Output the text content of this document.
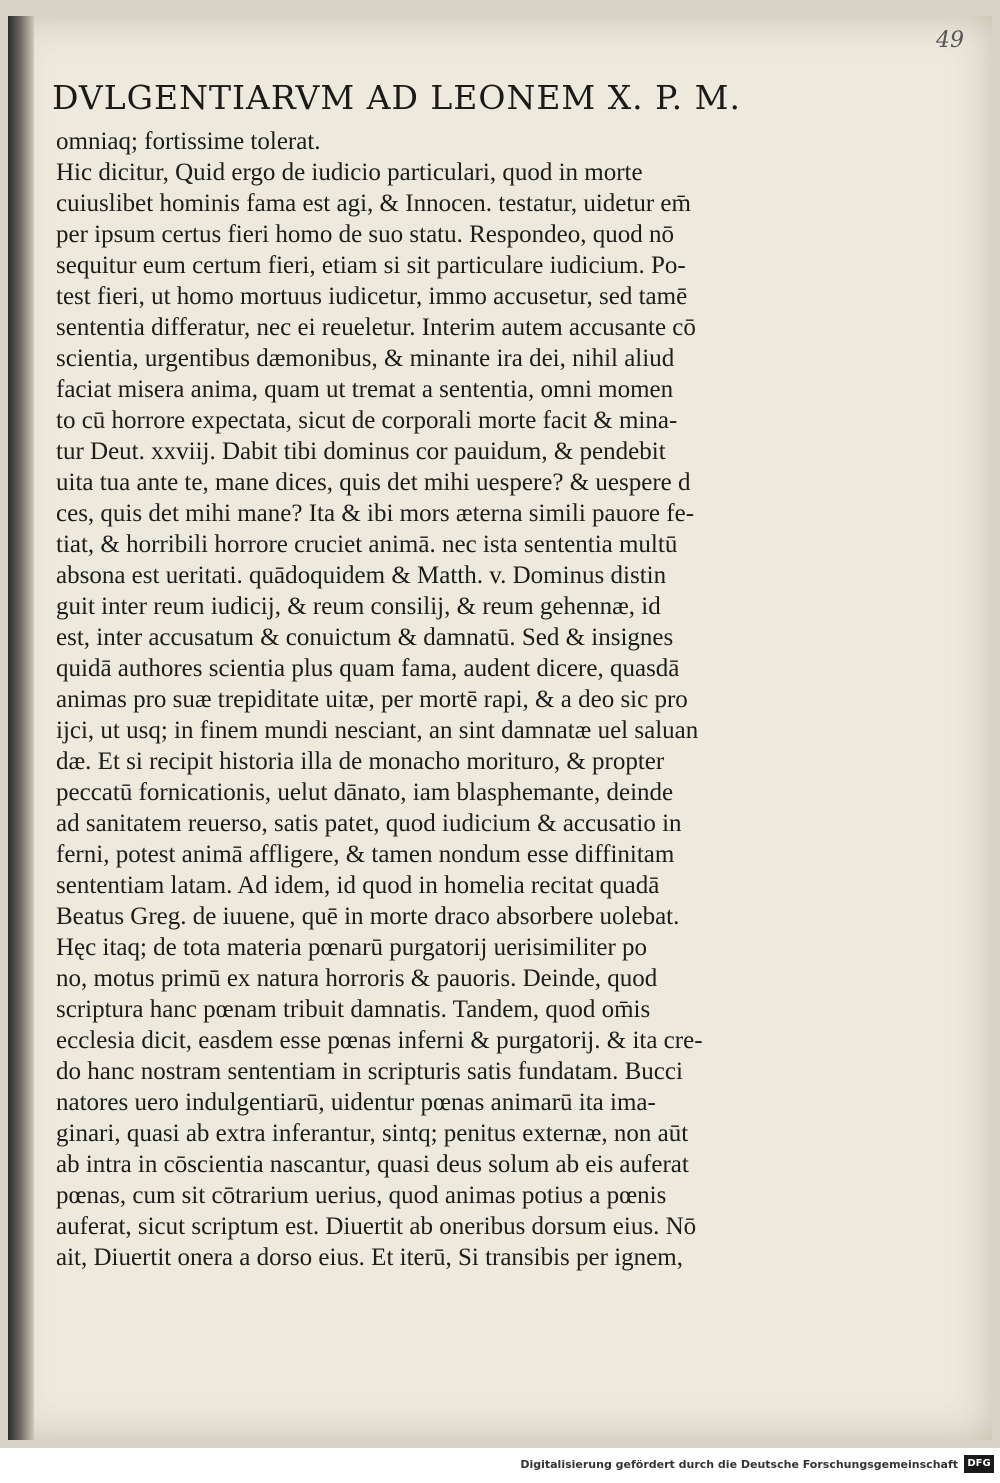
49
DVLGENTIARVM AD LEONEM X. P. M.
omniaq; fortissime tolerat.
Hic dicitur, Quid ergo de iudicio particulari, quod in morte
cuiuslibet hominis fama est agi, & Innocen. testatur, uidetur em̄
per ipsum certus fieri homo de suo statu. Respondeo, quod nō
sequitur eum certum fieri, etiam si sit particulare iudicium. Po-
test fieri, ut homo mortuus iudicetur, immo accusetur, sed tamē
sententia differatur, nec ei reueletur. Interim autem accusante cō
scientia, urgentibus dæmonibus, & minante ira dei, nihil aliud
faciat misera anima, quam ut tremat a sententia, omni momen
to cū horrore expectata, sicut de corporali morte facit & mina-
tur Deut. xxviij. Dabit tibi dominus cor pauidum, & pendebit
uita tua ante te, mane dices, quis det mihi uespere? & uespere d
ces, quis det mihi mane? Ita & ibi mors æterna simili pauore fe-
tiat, & horribili horrore cruciet animā. nec ista sententia multū
absona est ueritati. quādoquidem & Matth. v. Dominus distin
guit inter reum iudicij, & reum consilij, & reum gehennæ, id
est, inter accusatum & conuictum & damnatū. Sed & insignes
quidā authores scientia plus quam fama, audent dicere, quasdā
animas pro suæ trepiditate uitæ, per mortē rapi, & a deo sic pro
ijci, ut usq; in finem mundi nesciant, an sint damnatæ uel saluan
dæ. Et si recipit historia illa de monacho morituro, & propter
peccatū fornicationis, uelut dānato, iam blasphemante, deinde
ad sanitatem reuerso, satis patet, quod iudicium & accusatio in
ferni, potest animā affligere, & tamen nondum esse diffinitam
sententiam latam. Ad idem, id quod in homelia recitat quadā
Beatus Greg. de iuuene, quē in morte draco absorbere uolebat.
Hęc itaq; de tota materia pœnarū purgatorij uerisimiliter po
no, motus primū ex natura horroris & pauoris. Deinde, quod
scriptura hanc pœnam tribuit damnatis. Tandem, quod om̄is
ecclesia dicit, easdem esse pœnas inferni & purgatorij. & ita cre-
do hanc nostram sententiam in scripturis satis fundatam. Bucci
natores uero indulgentiarū, uidentur pœnas animarū ita ima-
ginari, quasi ab extra inferantur, sintq; penitus externæ, non aūt
ab intra in cōscientia nascantur, quasi deus solum ab eis auferat
pœnas, cum sit cōtrarium uerius, quod animas potius a pœnis
auferat, sicut scriptum est. Diuertit ab oneribus dorsum eius. Nō
ait, Diuertit onera a dorso eius. Et iterū, Si transibis per ignem,
Digitalisierung gefördert durch die Deutsche Forschungsgemeinschaft DFG
